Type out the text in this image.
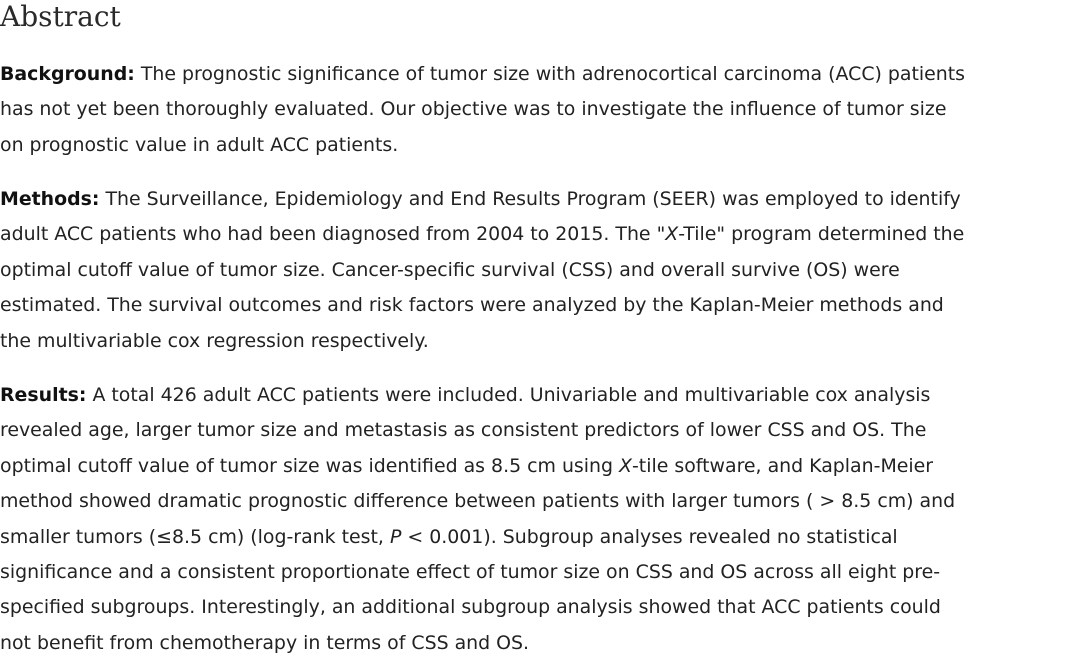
Abstract

Background: The prognostic significance of tumor size with adrenocortical carcinoma (ACC) patients
has not yet been thoroughly evaluated. Our objective was to investigate the influence of tumor size
on prognostic value in adult ACC patients.

Methods: The Surveillance, Epidemiology and End Results Program (SEER) was employed to identify
adult ACC patients who had been diagnosed from 2004 to 2015. The "X-Tile" program determined the
optimal cutoff value of tumor size. Cancer-specific survival (CSS) and overall survive (OS) were
estimated. The survival outcomes and risk factors were analyzed by the Kaplan-Meier methods and
the multivariable cox regression respectively.

Results: A total 426 adult ACC patients were included. Univariable and multivariable cox analysis
revealed age, larger tumor size and metastasis as consistent predictors of lower CSS and OS. The
optimal cutoff value of tumor size was identified as 8.5 cm using X-tile software, and Kaplan-Meier
method showed dramatic prognostic difference between patients with larger tumors ( > 8.5 cm) and
smaller tumors (≤8.5 cm) (log-rank test, P < 0.001). Subgroup analyses revealed no statistical
significance and a consistent proportionate effect of tumor size on CSS and OS across all eight pre-
specified subgroups. Interestingly, an additional subgroup analysis showed that ACC patients could
not benefit from chemotherapy in terms of CSS and OS.
